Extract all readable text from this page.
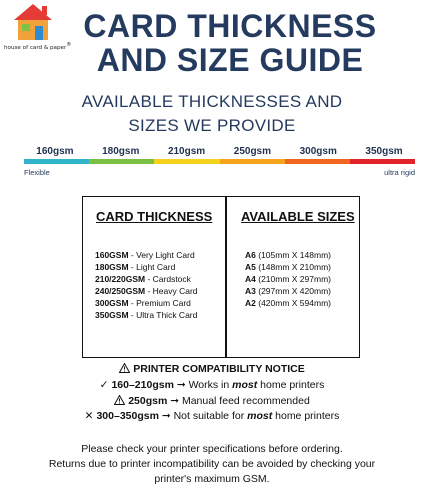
house of card & paper®
CARD THICKNESS
AND SIZE GUIDE
AVAILABLE THICKNESSES AND
SIZES WE PROVIDE
160gsm	180gsm	210gsm	250gsm	300gsm	350gsm
Flexible	ultra rigid
CARD THICKNESS AVAILABLE SIZES
160GSM - Very Light Card
180GSM - Light Card
210/220GSM - Cardstock
240/250GSM - Heavy Card
300GSM - Premium Card
350GSM - Ultra Thick Card
A6 (105mm X 148mm)
A5 (148mm X 210mm)
A4 (210mm X 297mm)
A3 (297mm X 420mm)
A2 (420mm X 594mm)
PRINTER COMPATIBILITY NOTICE
✓ 160–210gsm ➞ Works in most home printers
250gsm ➞ Manual feed recommended
✕ 300–350gsm ➞ Not suitable for most home printers
Please check your printer specifications before ordering.
Returns due to printer incompatibility can be avoided by checking your
printer's maximum GSM.
